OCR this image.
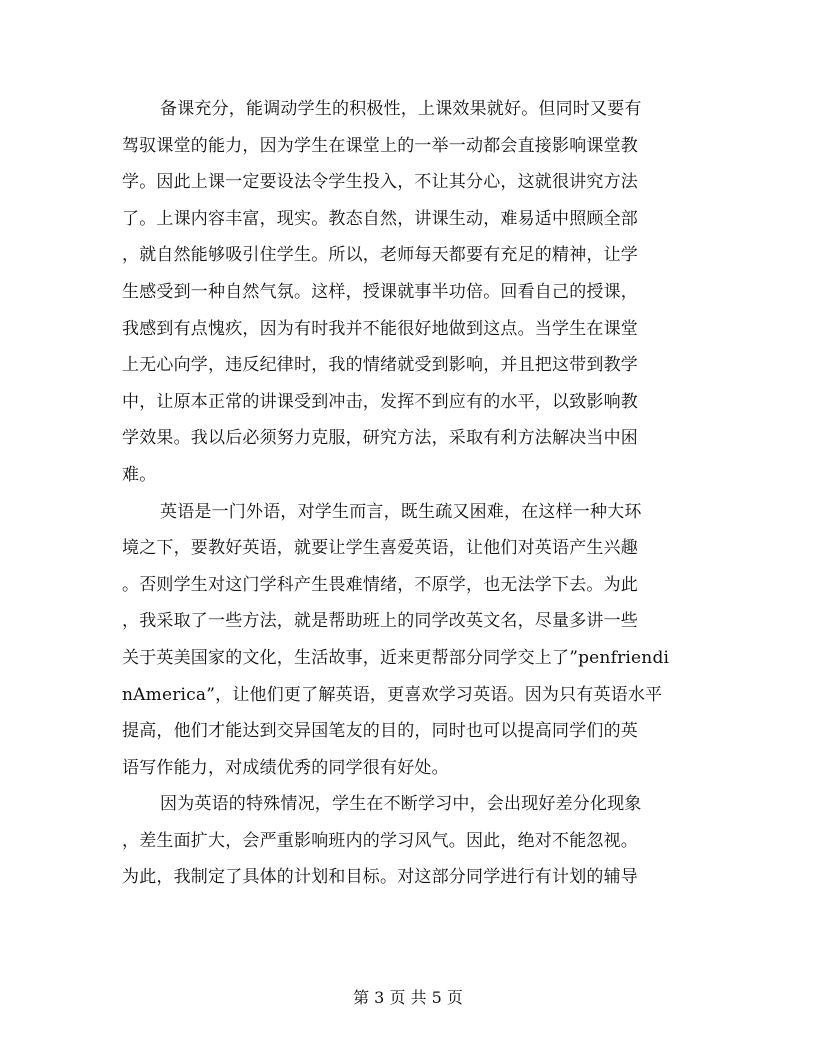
备课充分，能调动学生的积极性，上课效果就好。但同时又要有
驾驭课堂的能力，因为学生在课堂上的一举一动都会直接影响课堂教
学。因此上课一定要设法令学生投入，不让其分心，这就很讲究方法
了。上课内容丰富，现实。教态自然，讲课生动，难易适中照顾全部
，就自然能够吸引住学生。所以，老师每天都要有充足的精神，让学
生感受到一种自然气氛。这样，授课就事半功倍。回看自己的授课，
我感到有点愧疚，因为有时我并不能很好地做到这点。当学生在课堂
上无心向学，违反纪律时，我的情绪就受到影响，并且把这带到教学
中，让原本正常的讲课受到冲击，发挥不到应有的水平，以致影响教
学效果。我以后必须努力克服，研究方法，采取有利方法解决当中困
难。
英语是一门外语，对学生而言，既生疏又困难，在这样一种大环
境之下，要教好英语，就要让学生喜爱英语，让他们对英语产生兴趣
。否则学生对这门学科产生畏难情绪，不原学，也无法学下去。为此
，我采取了一些方法，就是帮助班上的同学改英文名，尽量多讲一些
关于英美国家的文化，生活故事，近来更帮部分同学交上了”penfriendi
nAmerica”，让他们更了解英语，更喜欢学习英语。因为只有英语水平
提高，他们才能达到交异国笔友的目的，同时也可以提高同学们的英
语写作能力，对成绩优秀的同学很有好处。
因为英语的特殊情况，学生在不断学习中，会出现好差分化现象
，差生面扩大，会严重影响班内的学习风气。因此，绝对不能忽视。
为此，我制定了具体的计划和目标。对这部分同学进行有计划的辅导
第 3 页 共 5 页
